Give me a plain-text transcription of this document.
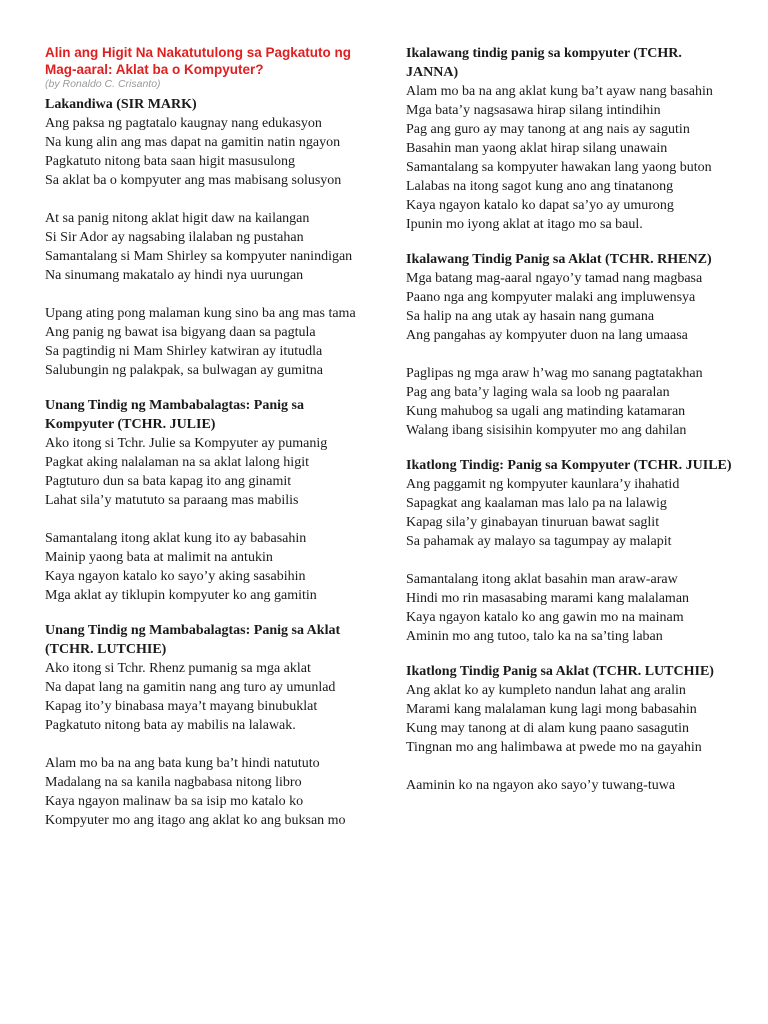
Alin ang Higit Na Nakatutulong sa Pagkatuto ng Mag-aaral: Aklat ba o Kompyuter?

(by Ronaldo C. Crisanto)

Lakandiwa (SIR MARK)

Ang paksa ng pagtatalo kaugnay nang edukasyon
Na kung alin ang mas dapat na gamitin natin ngayon
Pagkatuto nitong bata saan higit masusulong
Sa aklat ba o kompyuter ang mas mabisang solusyon
At sa panig nitong aklat higit daw na kailangan
Si Sir Ador ay nagsabing ilalaban ng pustahan
Samantalang si Mam Shirley sa kompyuter nanindigan
Na sinumang makatalo ay hindi nya uurungan
Upang ating pong malaman kung sino ba ang mas tama
Ang panig ng bawat isa bigyang daan sa pagtula
Sa pagtindig ni Mam Shirley katwiran ay itutudla
Salubungin ng palakpak, sa bulwagan ay gumitna

Unang Tindig ng Mambabalagtas: Panig sa Kompyuter (TCHR. JULIE)

Ako itong si Tchr. Julie sa Kompyuter ay pumanig
Pagkat aking nalalaman na sa aklat lalong higit
Pagtuturo dun sa bata kapag ito ang ginamit
Lahat sila’y matututo sa paraang mas mabilis
Samantalang itong aklat kung ito ay babasahin
Mainip yaong bata at malimit na antukin
Kaya ngayon katalo ko sayo’y aking sasabihin
Mga aklat ay tiklupin kompyuter ko ang gamitin

Unang Tindig ng Mambabalagtas: Panig sa Aklat (TCHR. LUTCHIE)

Ako itong si Tchr. Rhenz pumanig sa mga aklat
Na dapat lang na gamitin nang ang turo ay umunlad
Kapag ito’y binabasa maya’t mayang binubuklat
Pagkatuto nitong bata ay mabilis na lalawak.
Alam mo ba na ang bata kung ba’t hindi natututo
Madalang na sa kanila nagbabasa nitong libro
Kaya ngayon malinaw ba sa isip mo katalo ko
Kompyuter mo ang itago ang aklat ko ang buksan mo

Ikalawang tindig panig sa kompyuter (TCHR. JANNA)

Alam mo ba na ang aklat kung ba’t ayaw nang basahin
Mga bata’y nagsasawa hirap silang intindihin
Pag ang guro ay may tanong at ang nais ay sagutin
Basahin man yaong aklat hirap silang unawain
Samantalang sa kompyuter hawakan lang yaong buton
Lalabas na itong sagot kung ano ang tinatanong
Kaya ngayon katalo ko dapat sa’yo ay umurong
Ipunin mo iyong aklat at itago mo sa baul.

Ikalawang Tindig Panig sa Aklat (TCHR. RHENZ)

Mga batang mag-aaral ngayo’y tamad nang magbasa
Paano nga ang kompyuter malaki ang impluwensya
Sa halip na ang utak ay hasain nang gumana
Ang pangahas ay kompyuter duon na lang umaasa
Paglipas ng mga araw h’wag mo sanang pagtatakhan
Pag ang bata’y laging wala sa loob ng paaralan
Kung mahubog sa ugali ang matinding katamaran
Walang ibang sisisihin kompyuter mo ang dahilan

Ikatlong Tindig: Panig sa Kompyuter (TCHR. JUILE)

Ang paggamit ng kompyuter kaunlara’y ihahatid
Sapagkat ang kaalaman mas lalo pa na lalawig
Kapag sila’y ginabayan tinuruan bawat saglit
Sa pahamak ay malayo sa tagumpay ay malapit
Samantalang itong aklat basahin man araw-araw
Hindi mo rin masasabing marami kang malalaman
Kaya ngayon katalo ko ang gawin mo na mainam
Aminin mo ang tutoo, talo ka na sa’ting laban

Ikatlong Tindig Panig sa Aklat (TCHR. LUTCHIE)

Ang aklat ko ay kumpleto nandun lahat ang aralin
Marami kang malalaman kung lagi mong babasahin
Kung may tanong at di alam kung paano sasagutin
Tingnan mo ang halimbawa at pwede mo na gayahin
Aaminin ko na ngayon ako sayo’y tuwang-tuwa
